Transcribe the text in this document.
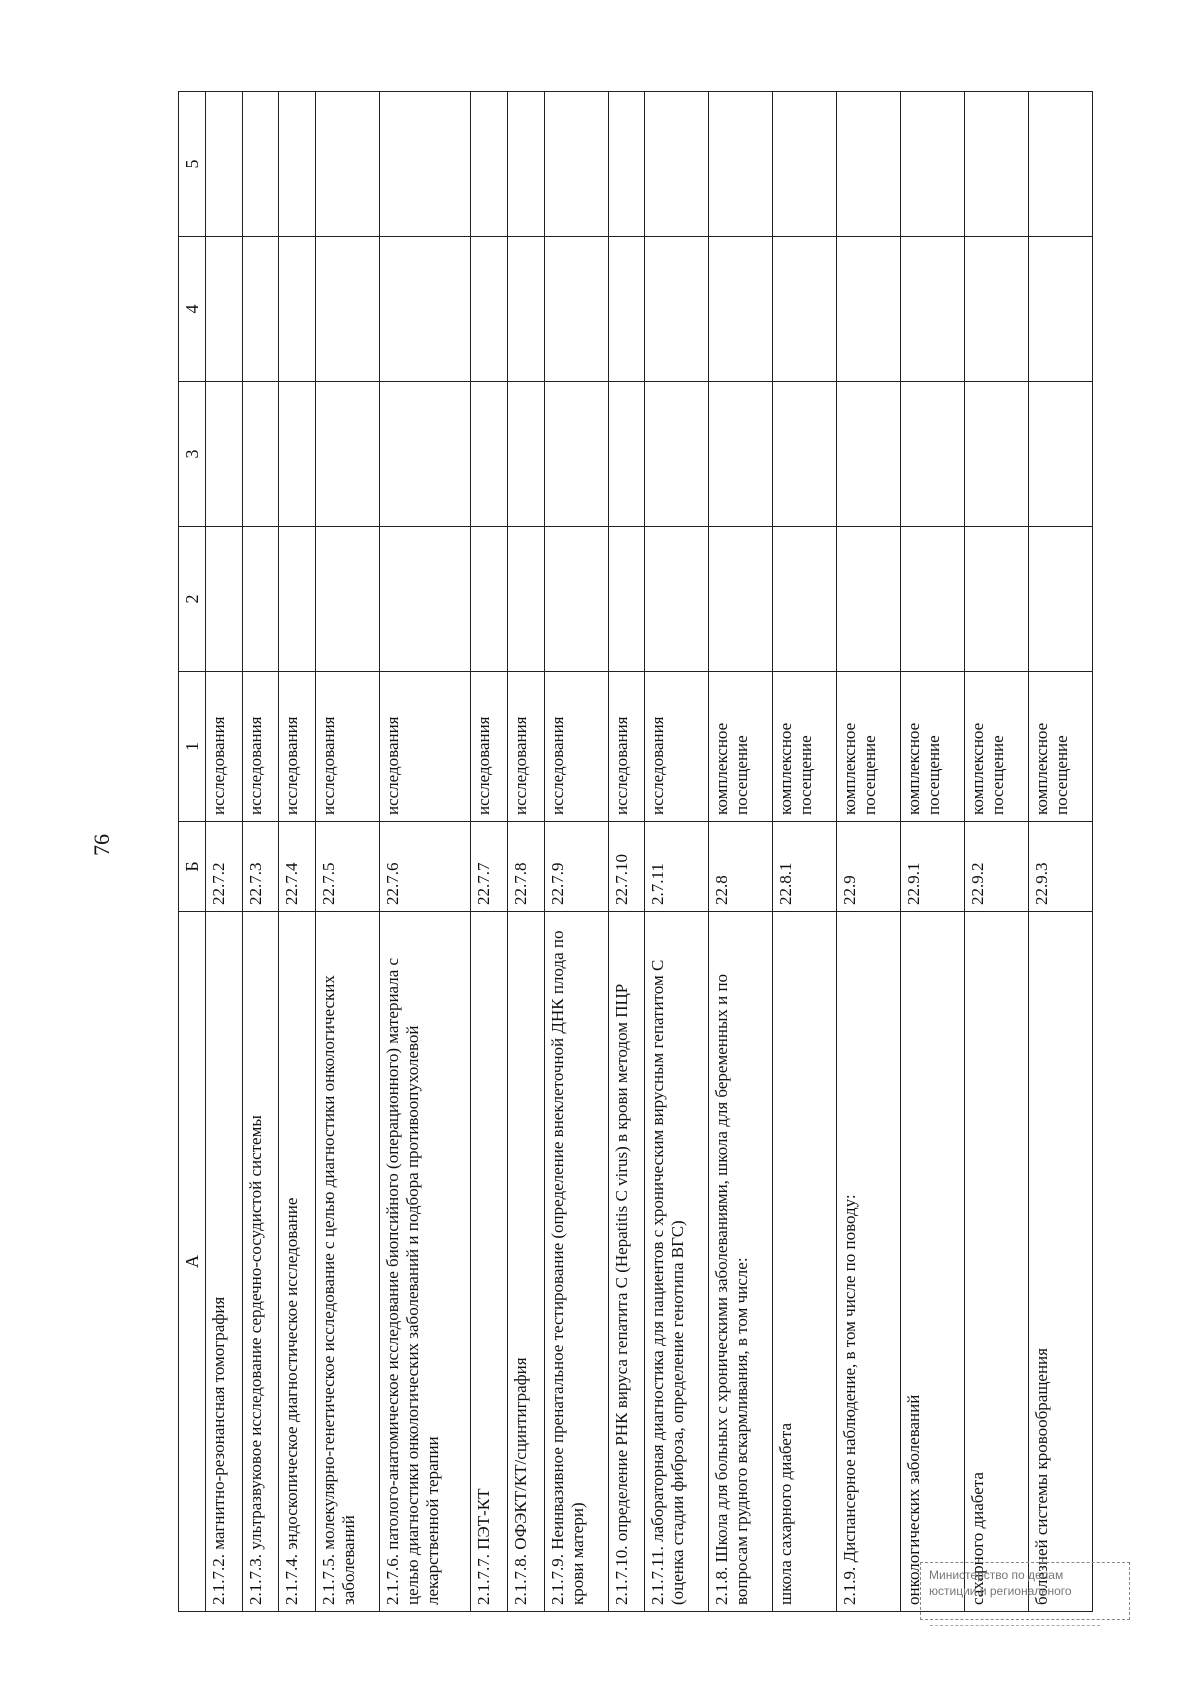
76
А	Б	1	2	3	4	5
2.1.7.2. магнитно-резонансная томография	22.7.2	исследования				
2.1.7.3. ультразвуковое исследование сердечно-сосудистой системы	22.7.3	исследования				
2.1.7.4. эндоскопическое диагностическое исследование	22.7.4	исследования				
2.1.7.5. молекулярно-генетическое исследование с целью диагностики онкологических заболеваний	22.7.5	исследования				
2.1.7.6. патолого-анатомическое исследование биопсийного (операционного) материала с целью диагностики онкологических заболеваний и подбора противоопухолевой лекарственной терапии	22.7.6	исследования				
2.1.7.7. ПЭТ-КТ	22.7.7	исследования				
2.1.7.8. ОФЭКТ/КТ/сцинтиграфия	22.7.8	исследования				
2.1.7.9. Неинвазивное пренатальное тестирование (определение внеклеточной ДНК плода по крови матери)	22.7.9	исследования				
2.1.7.10. определение РНК вируса гепатита С (Hepatitis C virus) в крови методом ПЦР	22.7.10	исследования				
2.1.7.11. лабораторная диагностика для пациентов с хроническим вирусным гепатитом С (оценка стадии фиброза, определение генотипа ВГС)	2.7.11	исследования				
2.1.8. Школа для больных с хроническими заболеваниями, школа для беременных и по вопросам грудного вскармливания, в том числе:	22.8	комплексное посещение				
школа сахарного диабета	22.8.1	комплексное посещение				
2.1.9. Диспансерное наблюдение, в том числе по поводу:	22.9	комплексное посещение				
онкологических заболеваний	22.9.1	комплексное посещение				
сахарного диабета	22.9.2	комплексное посещение				
болезней системы кровообращения	22.9.3	комплексное посещение				
Министерство по делам
юстиции и регионального
